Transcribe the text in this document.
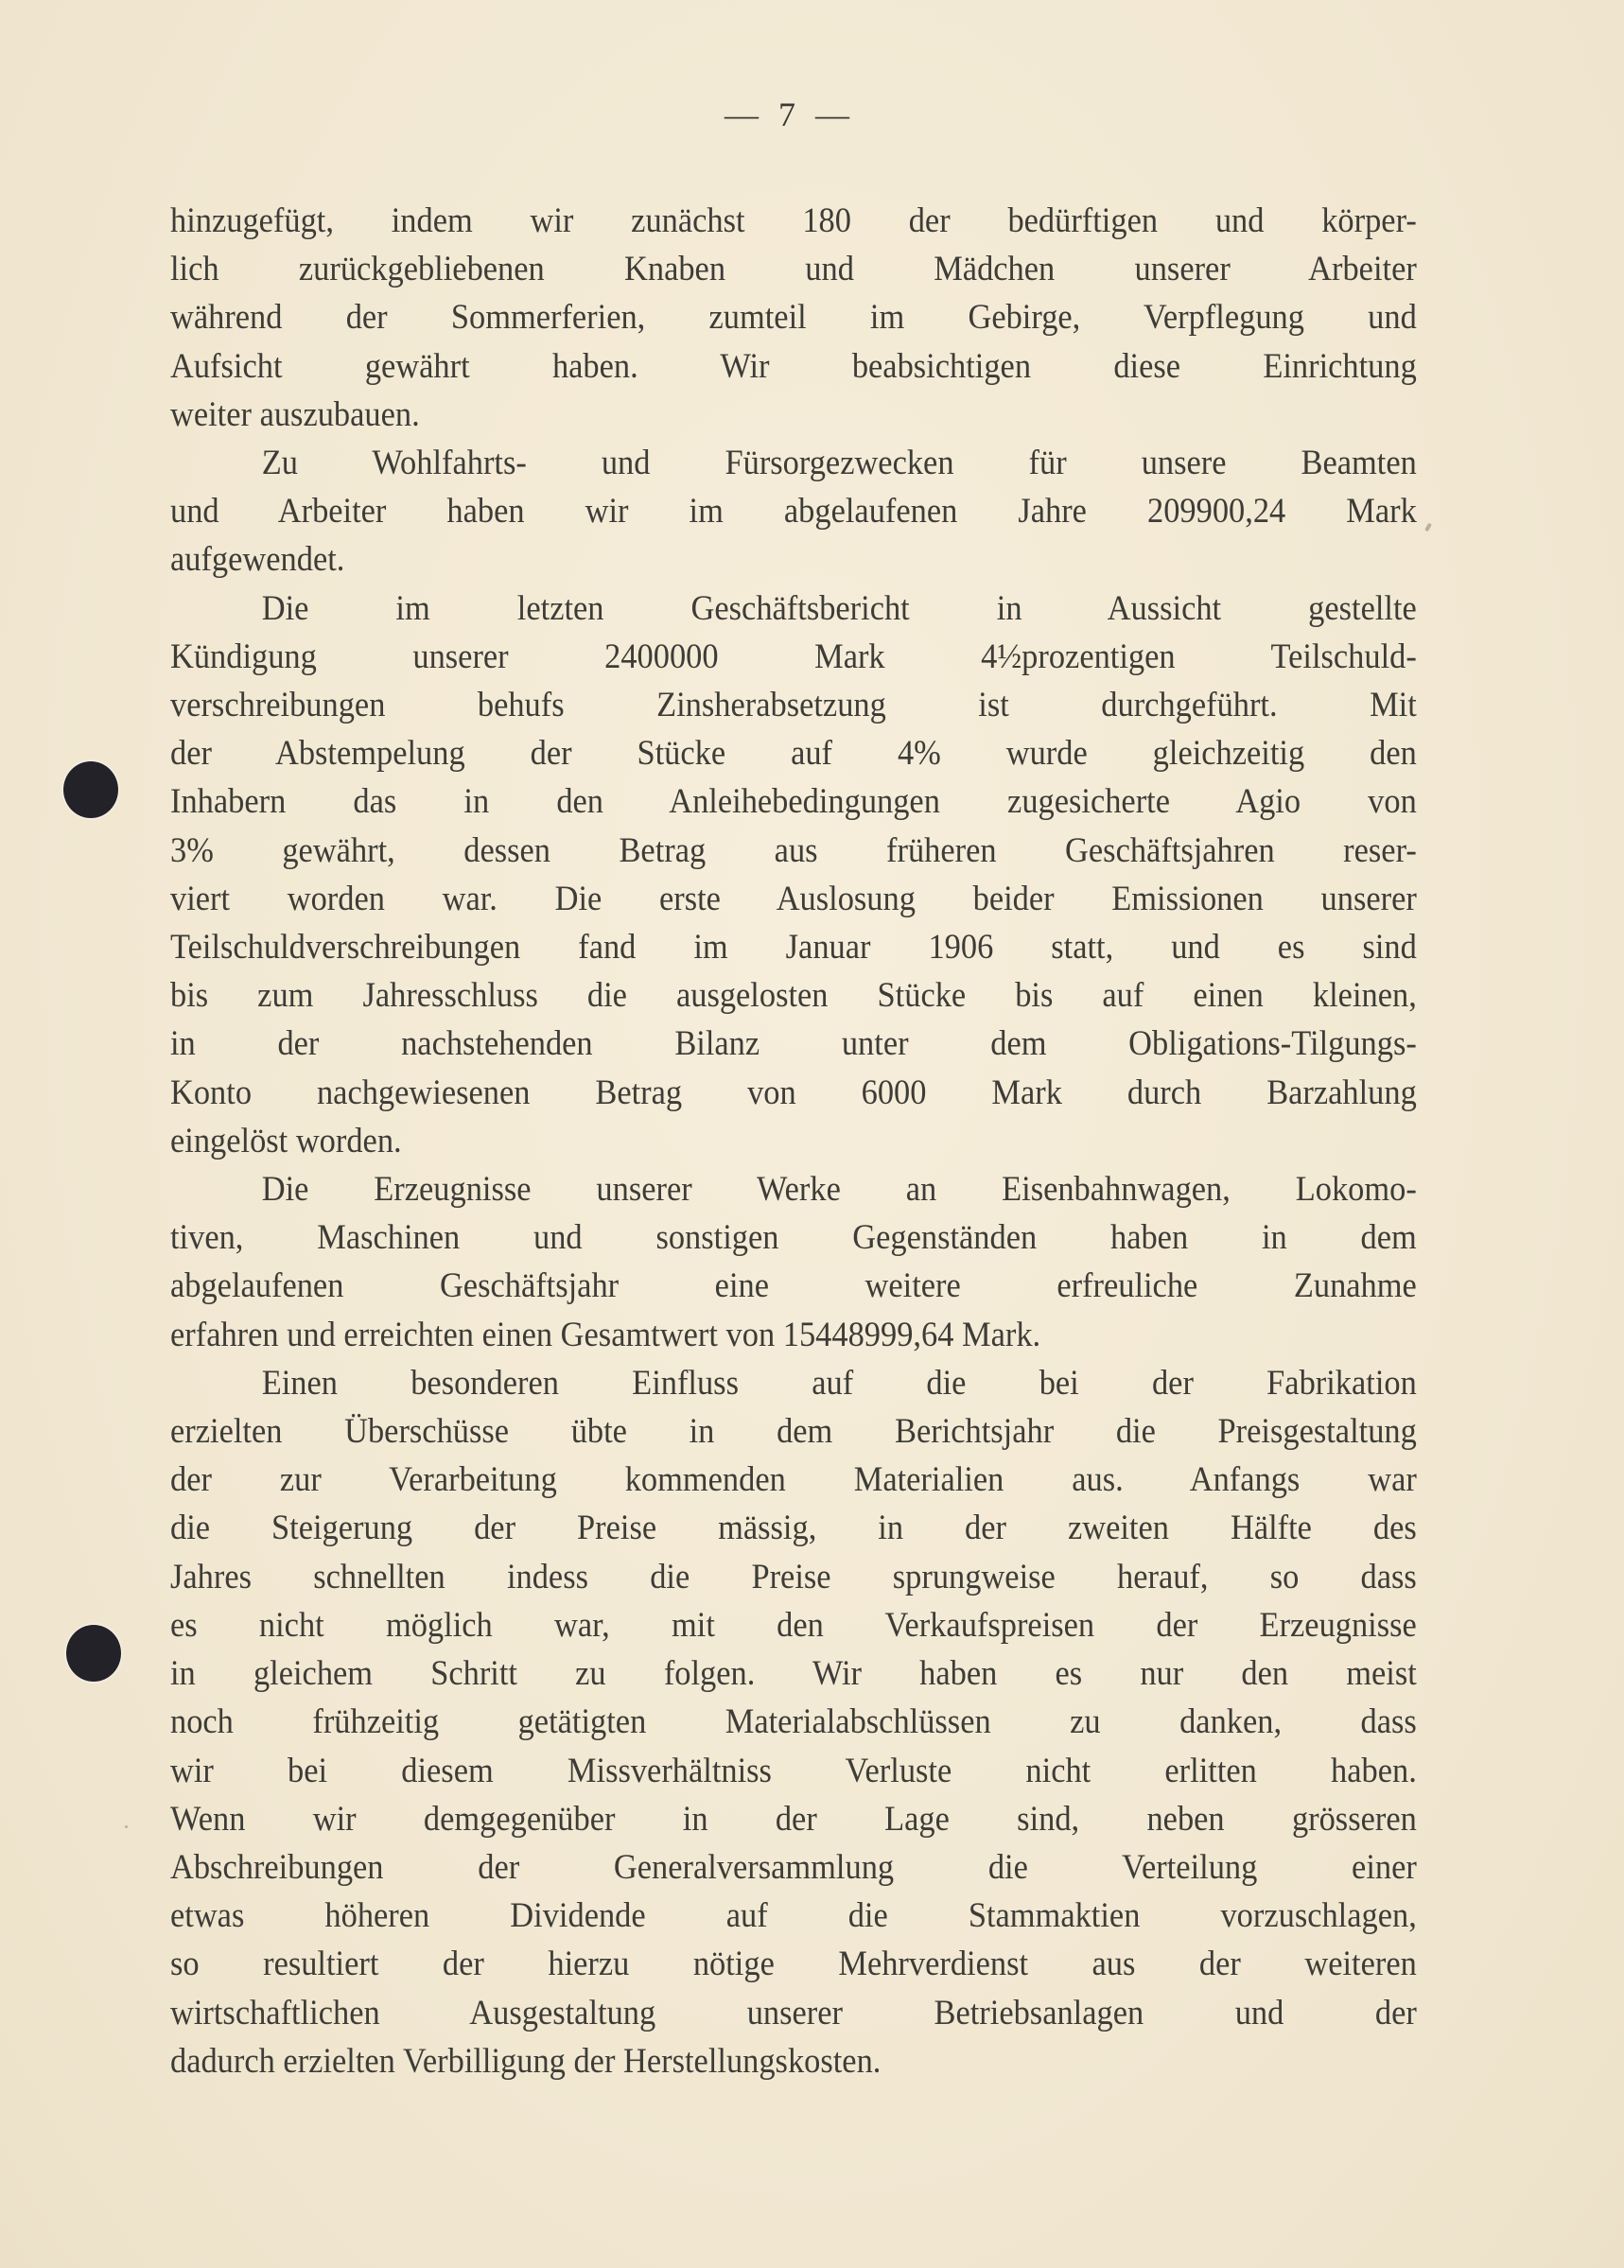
— 7 —
hinzugefügt, indem wir zunächst 180 der bedürftigen und körper-
lich zurückgebliebenen Knaben und Mädchen unserer Arbeiter
während der Sommerferien, zumteil im Gebirge, Verpflegung und
Aufsicht gewährt haben. Wir beabsichtigen diese Einrichtung
weiter auszubauen.
Zu Wohlfahrts- und Fürsorgezwecken für unsere Beamten
und Arbeiter haben wir im abgelaufenen Jahre 209900,24 Mark
aufgewendet.
Die im letzten Geschäftsbericht in Aussicht gestellte
Kündigung unserer 2400000 Mark 4½prozentigen Teilschuld-
verschreibungen behufs Zinsherabsetzung ist durchgeführt. Mit
der Abstempelung der Stücke auf 4% wurde gleichzeitig den
Inhabern das in den Anleihebedingungen zugesicherte Agio von
3% gewährt, dessen Betrag aus früheren Geschäftsjahren reser-
viert worden war. Die erste Auslosung beider Emissionen unserer
Teilschuldverschreibungen fand im Januar 1906 statt, und es sind
bis zum Jahresschluss die ausgelosten Stücke bis auf einen kleinen,
in der nachstehenden Bilanz unter dem Obligations-Tilgungs-
Konto nachgewiesenen Betrag von 6000 Mark durch Barzahlung
eingelöst worden.
Die Erzeugnisse unserer Werke an Eisenbahnwagen, Lokomo-
tiven, Maschinen und sonstigen Gegenständen haben in dem
abgelaufenen Geschäftsjahr eine weitere erfreuliche Zunahme
erfahren und erreichten einen Gesamtwert von 15448999,64 Mark.
Einen besonderen Einfluss auf die bei der Fabrikation
erzielten Überschüsse übte in dem Berichtsjahr die Preisgestaltung
der zur Verarbeitung kommenden Materialien aus. Anfangs war
die Steigerung der Preise mässig, in der zweiten Hälfte des
Jahres schnellten indess die Preise sprungweise herauf, so dass
es nicht möglich war, mit den Verkaufspreisen der Erzeugnisse
in gleichem Schritt zu folgen. Wir haben es nur den meist
noch frühzeitig getätigten Materialabschlüssen zu danken, dass
wir bei diesem Missverhältniss Verluste nicht erlitten haben.
Wenn wir demgegenüber in der Lage sind, neben grösseren
Abschreibungen der Generalversammlung die Verteilung einer
etwas höheren Dividende auf die Stammaktien vorzuschlagen,
so resultiert der hierzu nötige Mehrverdienst aus der weiteren
wirtschaftlichen Ausgestaltung unserer Betriebsanlagen und der
dadurch erzielten Verbilligung der Herstellungskosten.
